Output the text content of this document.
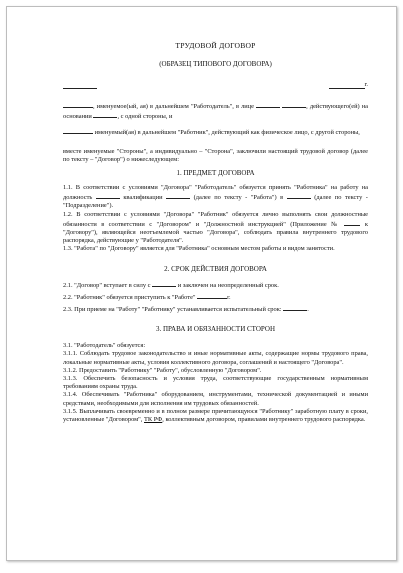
ТРУДОВОЙ ДОГОВОР
(ОБРАЗЕЦ ТИПОВОГО ДОГОВОРА)
г.

, именуемое(ый, ая) в дальнейшем "Работодатель", в лице	, действующего(ей) на основании	, с одной стороны, и

именуемый(ая) в дальнейшем "Работник", действующий как физическое лицо, с другой стороны,

вместе именуемые "Стороны", а индивидуально – "Сторона", заключили настоящий трудовой договор (далее по тексту – "Договор") о нижеследующем:

1. ПРЕДМЕТ ДОГОВОРА

1.1. В соответствии с условиями "Договора" "Работодатель" обязуется принять "Работника" на работу на должность	квалификации	(далее по тексту - "Работа") в	(далее по тексту - "Подразделение").

1.2. В соответствии с условиями "Договора" "Работник" обязуется лично выполнять свои должностные обязанности в соответствии с "Договором" и "Должностной инструкцией" (Приложение №	к "Договору"), являющейся неотъемлемой частью "Договора", соблюдать правила внутреннего трудового распорядка, действующие у "Работодателя".

1.3. "Работа" по "Договору" является для "Работника" основным местом работы и видом занятости.

2. СРОК ДЕЙСТВИЯ ДОГОВОРА

2.1. "Договор" вступает в силу с	и заключен на неопределенный срок.

2.2. "Работник" обязуется приступить к "Работе"	г.

2.3. При приеме на "Работу" "Работнику" устанавливается испытательный срок:	.

3. ПРАВА И ОБЯЗАННОСТИ СТОРОН

3.1. "Работодатель" обязуется:

3.1.1. Соблюдать трудовое законодательство и иные нормативные акты, содержащие нормы трудового права, локальные нормативные акты, условия коллективного договора, соглашений и настоящего "Договора".

3.1.2. Предоставить "Работнику" "Работу", обусловленную "Договором".

3.1.3. Обеспечить безопасность и условия труда, соответствующие государственным нормативным требованиям охраны труда.

3.1.4. Обеспечивать "Работника" оборудованием, инструментами, технической документацией и иными средствами, необходимыми для исполнения им трудовых обязанностей.

3.1.5. Выплачивать своевременно и в полном размере причитающуюся "Работнику" заработную плату в сроки, установленные "Договором", ТК РФ, коллективным договором, правилами внутреннего трудового распорядка.
